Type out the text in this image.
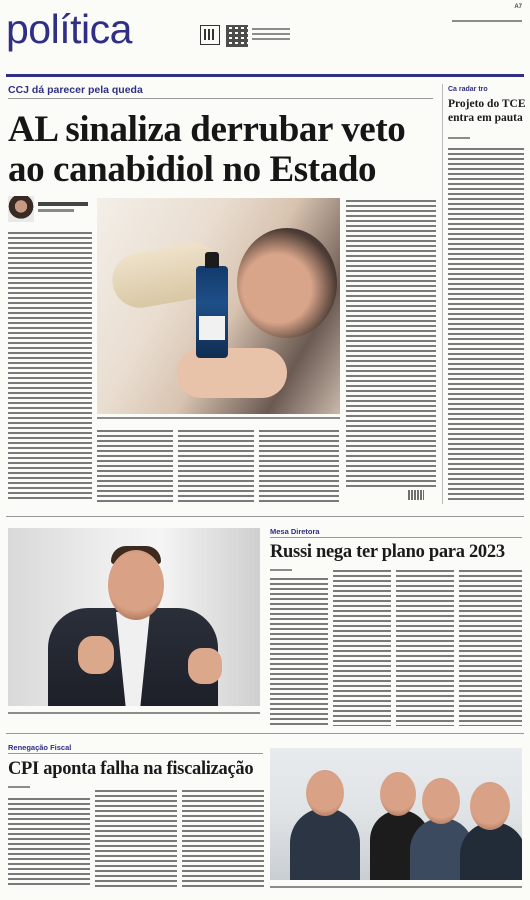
política	A7
CCJ dá parecer pela queda
AL sinaliza derrubar veto
ao canabidiol no Estado
Ca radar tro
Projeto do TCE
entra em pauta
Mesa Diretora
Russi nega ter plano para 2023
Renegação Fiscal
CPI aponta falha na fiscalização
